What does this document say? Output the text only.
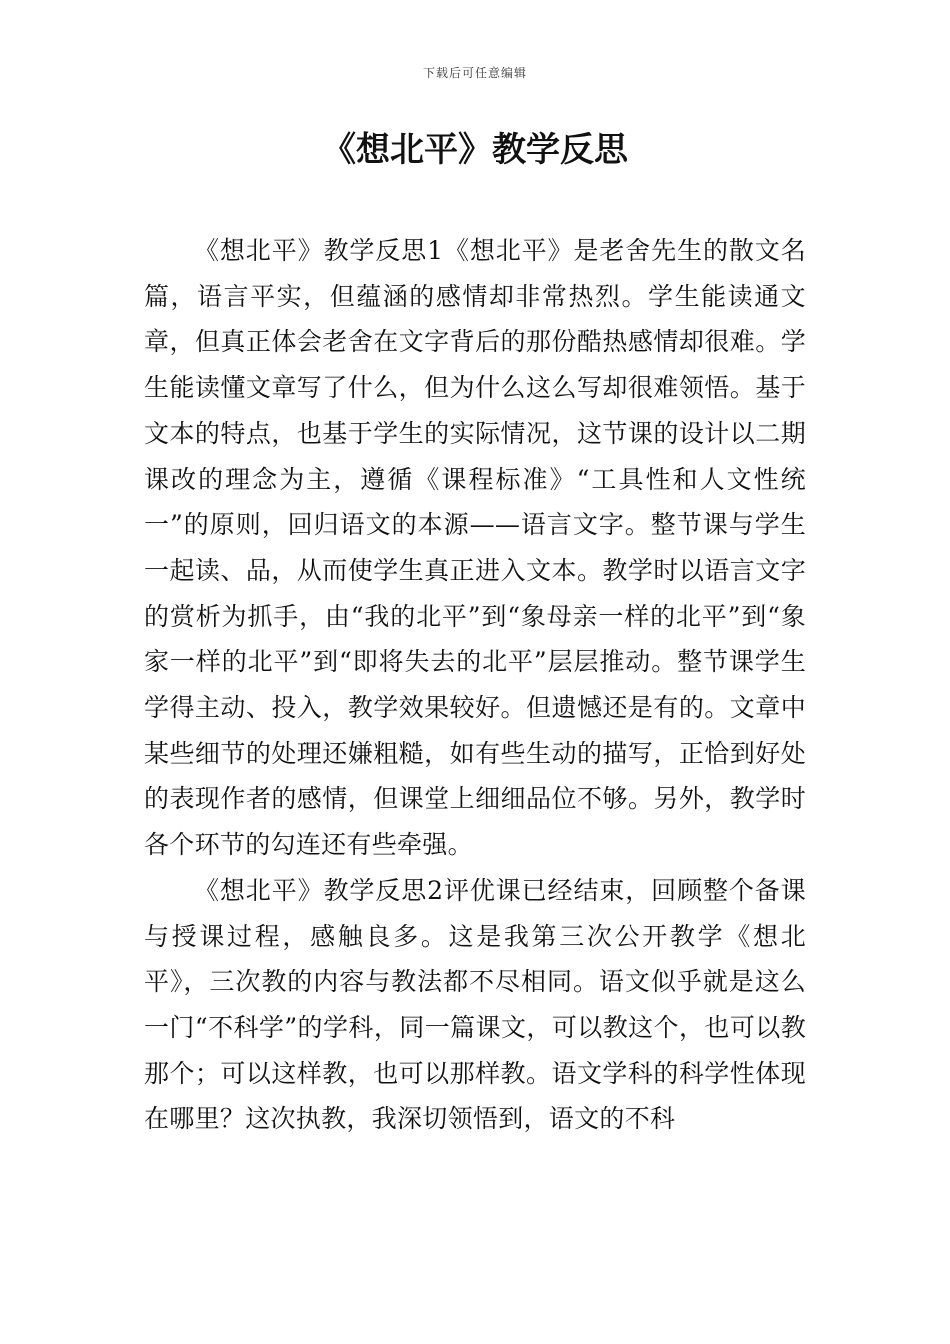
下载后可任意编辑
《想北平》教学反思

《想北平》教学反思1《想北平》是老舍先生的散文名篇，语言平实，但蕴涵的感情却非常热烈。学生能读通文章，但真正体会老舍在文字背后的那份酷热感情却很难。学生能读懂文章写了什么，但为什么这么写却很难领悟。基于文本的特点，也基于学生的实际情况，这节课的设计以二期课改的理念为主，遵循《课程标准》“工具性和人文性统一”的原则，回归语文的本源——语言文字。整节课与学生一起读、品，从而使学生真正进入文本。教学时以语言文字的赏析为抓手，由“我的北平”到“象母亲一样的北平”到“象家一样的北平”到“即将失去的北平”层层推动。整节课学生学得主动、投入，教学效果较好。但遗憾还是有的。文章中某些细节的处理还嫌粗糙，如有些生动的描写，正恰到好处的表现作者的感情，但课堂上细细品位不够。另外，教学时各个环节的勾连还有些牵强。

《想北平》教学反思2评优课已经结束，回顾整个备课与授课过程，感触良多。这是我第三次公开教学《想北平》，三次教的内容与教法都不尽相同。语文似乎就是这么一门“不科学”的学科，同一篇课文，可以教这个，也可以教那个；可以这样教，也可以那样教。语文学科的科学性体现在哪里？这次执教，我深切领悟到，语文的不科
